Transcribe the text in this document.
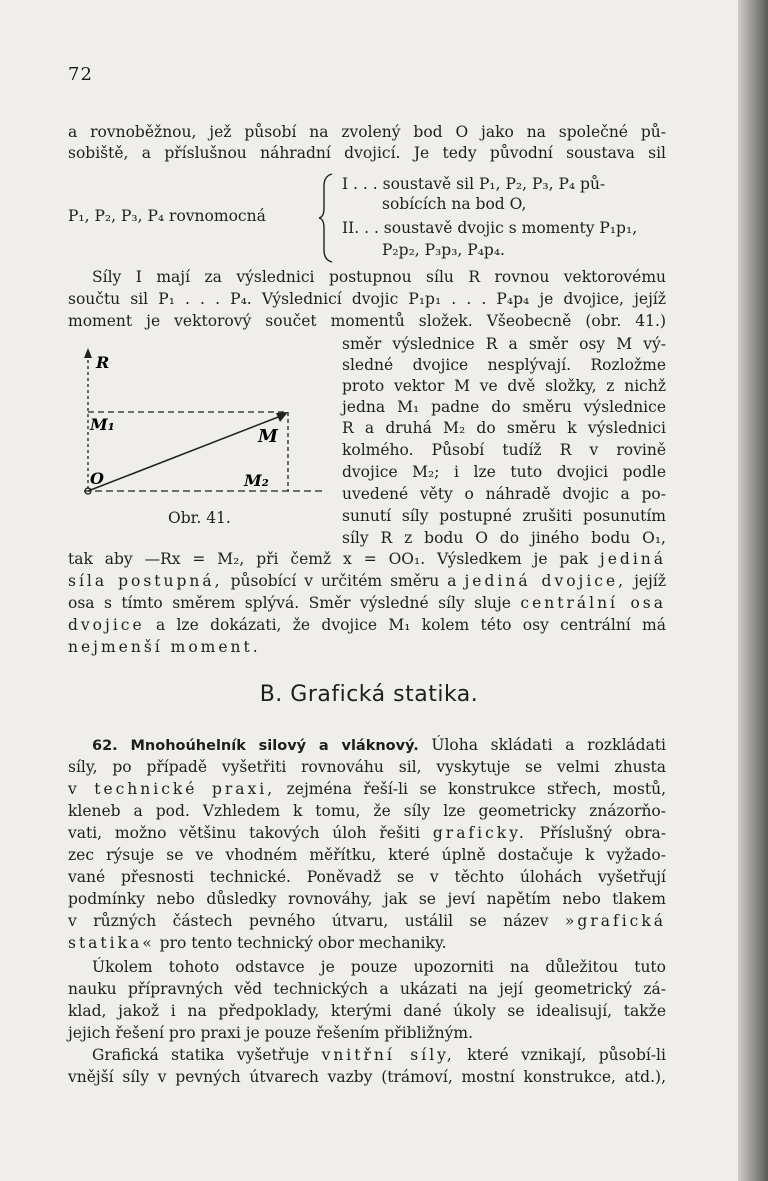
72
a rovnoběžnou, jež působí na zvolený bod O jako na společné pů-
sobiště, a příslušnou náhradní dvojicí. Je tedy původní soustava sil
P₁, P₂, P₃, P₄ rovnomocná
I . . . soustavě sil P₁, P₂, P₃, P₄ pů-
sobících na bod O,
II. . . soustavě dvojic s momenty P₁p₁,
P₂p₂, P₃p₃, P₄p₄.
Síly I mají za výslednici postupnou sílu R rovnou vektorovému
součtu sil P₁ . . . P₄. Výslednicí dvojic P₁p₁ . . . P₄p₄ je dvojice, jejíž
moment je vektorový součet momentů složek. Všeobecně (obr. 41.)
R
M₁
M
O	M₂
Obr. 41.
směr výslednice R a směr osy M vý-
sledné dvojice nesplývají. Rozložme
proto vektor M ve dvě složky, z nichž
jedna M₁ padne do směru výslednice
R a druhá M₂ do směru k výslednici
kolmého. Působí tudíž R v rovině
dvojice M₂; i lze tuto dvojici podle
uvedené věty o náhradě dvojic a po-
sunutí síly postupné zrušiti posunutím
síly R z bodu O do jiného bodu O₁,
tak aby —Rx = M₂, při čemž x = OO₁. Výsledkem je pak jediná
síla postupná, působící v určitém směru a jediná dvojice, jejíž
osa s tímto směrem splývá. Směr výsledné síly sluje centrální osa
dvojice a lze dokázati, že dvojice M₁ kolem této osy centrální má
nejmenší moment.
B. Grafická statika.
62. Mnohoúhelník silový a vláknový. Úloha skládati a rozkládati
síly, po případě vyšetřiti rovnováhu sil, vyskytuje se velmi zhusta
v technické praxi, zejména řeší-li se konstrukce střech, mostů,
kleneb a pod. Vzhledem k tomu, že síly lze geometricky znázorňo-
vati, možno většinu takových úloh řešiti graficky. Příslušný obra-
zec rýsuje se ve vhodném měřítku, které úplně dostačuje k vyžado-
vané přesnosti technické. Poněvadž se v těchto úlohách vyšetřují
podmínky nebo důsledky rovnováhy, jak se jeví napětím nebo tlakem
v různých částech pevného útvaru, ustálil se název »grafická
statika« pro tento technický obor mechaniky.
Úkolem tohoto odstavce je pouze upozorniti na důležitou tuto
nauku přípravných věd technických a ukázati na její geometrický zá-
klad, jakož i na předpoklady, kterými dané úkoly se idealisují, takže
jejich řešení pro praxi je pouze řešením přibližným.
Grafická statika vyšetřuje vnitřní síly, které vznikají, působí-li
vnější síly v pevných útvarech vazby (trámoví, mostní konstrukce, atd.),
